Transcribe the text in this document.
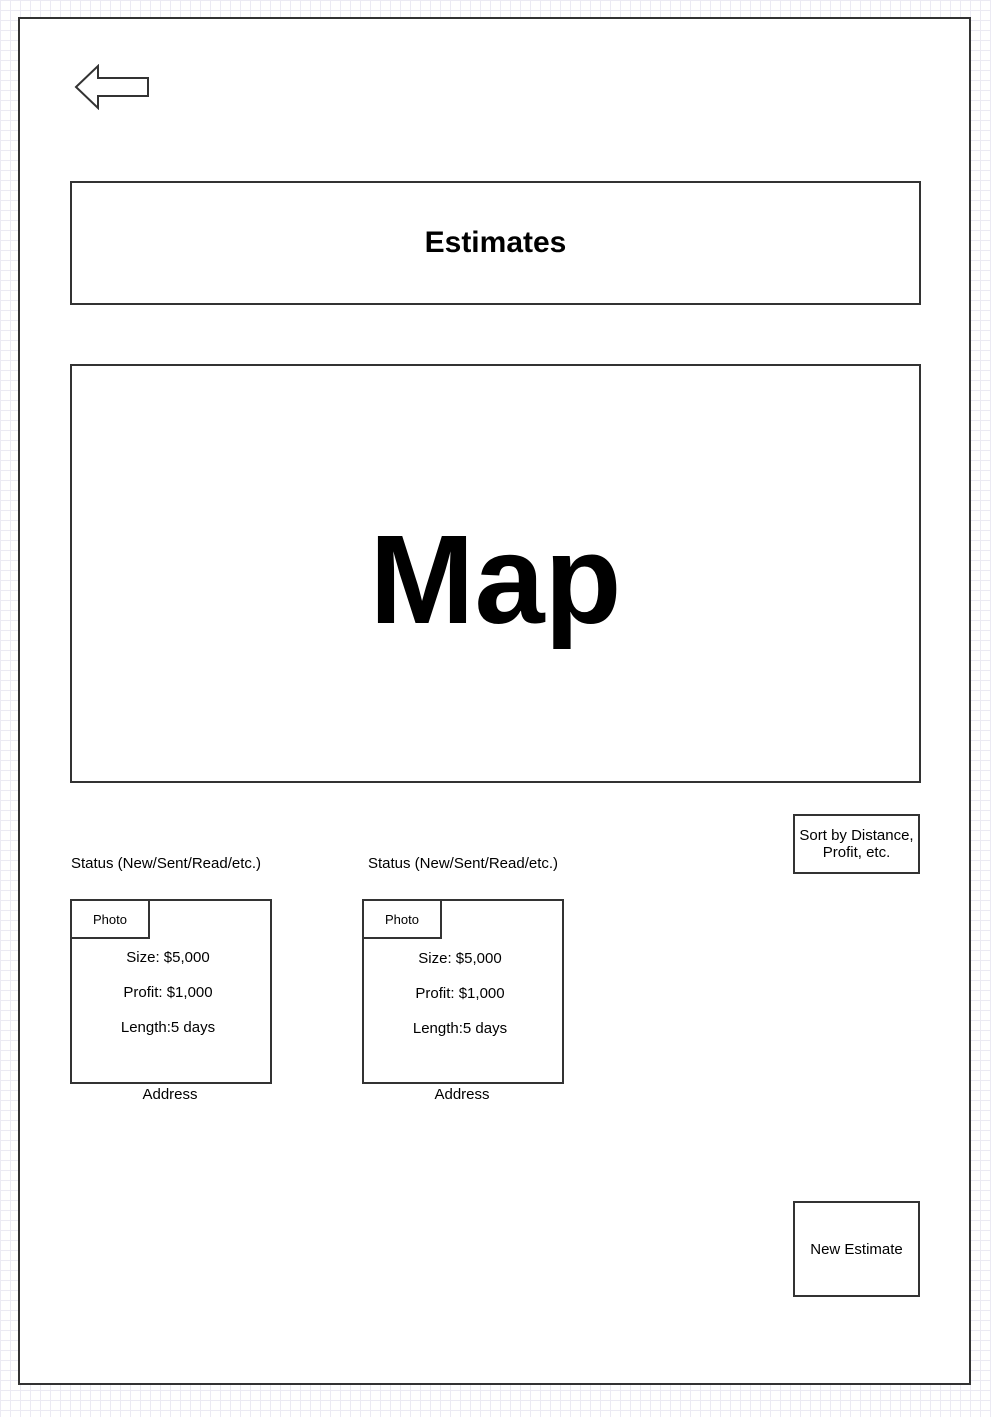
Estimates
Map
Sort by Distance, Profit, etc.
Status (New/Sent/Read/etc.)
Photo
Size: $5,000
Profit: $1,000
Length:5 days
Address
Status (New/Sent/Read/etc.)
Photo
Size: $5,000
Profit: $1,000
Length:5 days
Address
New Estimate
